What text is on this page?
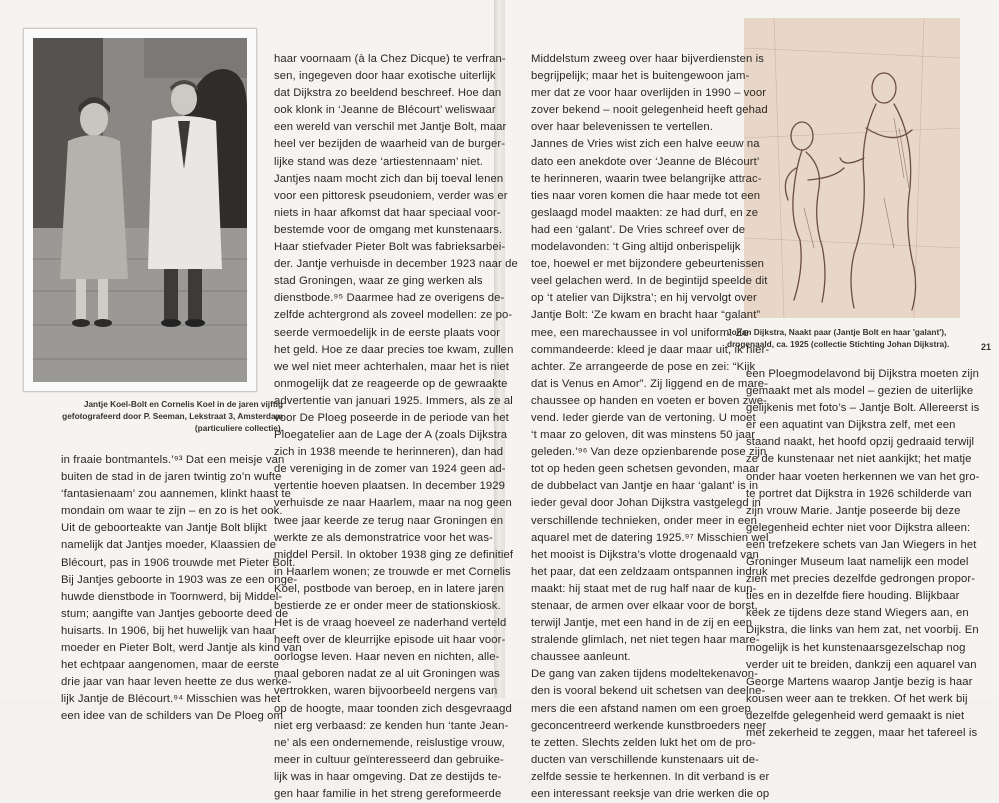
Jantje Koel-Bolt en Cornelis Koel in de jaren vijftig
gefotografeerd door P. Seeman, Lekstraat 3, Amsterdam
(particuliere collectie).
Johan Dijkstra, Naakt paar (Jantje Bolt en haar 'galant'),
drogenaald, ca. 1925 (collectie Stichting Johan Dijkstra).	21
in fraaie bontmantels.’⁹³ Dat een meisje van
buiten de stad in de jaren twintig zo’n wufte
‘fantasienaam’ zou aannemen, klinkt haast te
mondain om waar te zijn – en zo is het ook.
Uit de geboorteakte van Jantje Bolt blijkt
namelijk dat Jantjes moeder, Klaassien de
Blécourt, pas in 1906 trouwde met Pieter Bolt.
Bij Jantjes geboorte in 1903 was ze een onge-
huwde dienstbode in Toornwerd, bij Middel-
stum; aangifte van Jantjes geboorte deed de
huisarts. In 1906, bij het huwelijk van haar
moeder en Pieter Bolt, werd Jantje als kind van
het echtpaar aangenomen, maar de eerste
drie jaar van haar leven heette ze dus werke-
lijk Jantje de Blécourt.⁹⁴ Misschien was het
een idee van de schilders van De Ploeg om
haar voornaam (à la Chez Dicque) te verfran-
sen, ingegeven door haar exotische uiterlijk
dat Dijkstra zo beeldend beschreef. Hoe dan
ook klonk in ‘Jeanne de Blécourt’ weliswaar
een wereld van verschil met Jantje Bolt, maar
heel ver bezijden de waarheid van de burger-
lijke stand was deze ‘artiestennaam’ niet.
Jantjes naam mocht zich dan bij toeval lenen
voor een pittoresk pseudoniem, verder was er
niets in haar afkomst dat haar speciaal voor-
bestemde voor de omgang met kunstenaars.
Haar stiefvader Pieter Bolt was fabrieksarbei-
der. Jantje verhuisde in december 1923 naar de
stad Groningen, waar ze ging werken als
dienstbode.⁹⁵ Daarmee had ze overigens de-
zelfde achtergrond als zoveel modellen: ze po-
seerde vermoedelijk in de eerste plaats voor
het geld. Hoe ze daar precies toe kwam, zullen
we wel niet meer achterhalen, maar het is niet
onmogelijk dat ze reageerde op de gewraakte
advertentie van januari 1925. Immers, als ze al
voor De Ploeg poseerde in de periode van het
Ploegatelier aan de Lage der A (zoals Dijkstra
zich in 1938 meende te herinneren), dan had
de vereniging in de zomer van 1924 geen ad-
vertentie hoeven plaatsen. In december 1929
verhuisde ze naar Haarlem, maar na nog geen
twee jaar keerde ze terug naar Groningen en
werkte ze als demonstratrice voor het was-
middel Persil. In oktober 1938 ging ze definitief
in Haarlem wonen; ze trouwde er met Cornelis
Koel, postbode van beroep, en in latere jaren
bestierde ze er onder meer de stationskiosk.
Het is de vraag hoeveel ze naderhand verteld
heeft over de kleurrijke episode uit haar voor-
oorlogse leven. Haar neven en nichten, alle-
maal geboren nadat ze al uit Groningen was
vertrokken, waren bijvoorbeeld nergens van
op de hoogte, maar toonden zich desgevraagd
niet erg verbaasd: ze kenden hun ‘tante Jean-
ne’ als een ondernemende, reislustige vrouw,
meer in cultuur geïnteresseerd dan gebruike-
lijk was in haar omgeving. Dat ze destijds te-
gen haar familie in het streng gereformeerde
Middelstum zweeg over haar bijverdiensten is
begrijpelijk; maar het is buitengewoon jam-
mer dat ze voor haar overlijden in 1990 – voor
zover bekend – nooit gelegenheid heeft gehad
over haar belevenissen te vertellen.
Jannes de Vries wist zich een halve eeuw na
dato een anekdote over ‘Jeanne de Blécourt’
te herinneren, waarin twee belangrijke attrac-
ties naar voren komen die haar mede tot een
geslaagd model maakten: ze had durf, en ze
had een ‘galant’. De Vries schreef over de
modelavonden: ‘t Ging altijd onberispelijk
toe, hoewel er met bijzondere gebeurtenissen
veel gelachen werd. In de begintijd speelde dit
op ‘t atelier van Dijkstra’; en hij vervolgt over
Jantje Bolt: ‘Ze kwam en bracht haar “galant”
mee, een marechaussee in vol uniform. Ze
commandeerde: kleed je daar maar uit, ik hier-
achter. Ze arrangeerde de pose en zei: “Kijk
dat is Venus en Amor”. Zij liggend en de mare-
chaussee op handen en voeten er boven zwe-
vend. Ieder gierde van de vertoning. U moet
‘t maar zo geloven, dit was minstens 50 jaar
geleden.’⁹⁶ Van deze opzienbarende pose zijn
tot op heden geen schetsen gevonden, maar
de dubbelact van Jantje en haar ‘galant’ is in
ieder geval door Johan Dijkstra vastgelegd in
verschillende technieken, onder meer in een
aquarel met de datering 1925.⁹⁷ Misschien wel
het mooist is Dijkstra’s vlotte drogenaald van
het paar, dat een zeldzaam ontspannen indruk
maakt: hij staat met de rug half naar de kun-
stenaar, de armen over elkaar voor de borst,
terwijl Jantje, met een hand in de zij en een
stralende glimlach, net niet tegen haar mare-
chaussee aanleunt.
De gang van zaken tijdens modeltekenavon-
den is vooral bekend uit schetsen van deelne-
mers die een afstand namen om een groep
geconcentreerd werkende kunstbroeders neer
te zetten. Slechts zelden lukt het om de pro-
ducten van verschillende kunstenaars uit de-
zelfde sessie te herkennen. In dit verband is er
een interessant reeksje van drie werken die op
een Ploegmodelavond bij Dijkstra moeten zijn
gemaakt met als model – gezien de uiterlijke
gelijkenis met foto’s – Jantje Bolt. Allereerst is
er een aquatint van Dijkstra zelf, met een
staand naakt, het hoofd opzij gedraaid terwijl
ze de kunstenaar net niet aankijkt; het matje
onder haar voeten herkennen we van het gro-
te portret dat Dijkstra in 1926 schilderde van
zijn vrouw Marie. Jantje poseerde bij deze
gelegenheid echter niet voor Dijkstra alleen:
een trefzekere schets van Jan Wiegers in het
Groninger Museum laat namelijk een model
zien met precies dezelfde gedrongen propor-
ties en in dezelfde fiere houding. Blijkbaar
keek ze tijdens deze stand Wiegers aan, en
Dijkstra, die links van hem zat, net voorbij. En
mogelijk is het kunstenaarsgezelschap nog
verder uit te breiden, dankzij een aquarel van
George Martens waarop Jantje bezig is haar
kousen weer aan te trekken. Of het werk bij
dezelfde gelegenheid werd gemaakt is niet
met zekerheid te zeggen, maar het tafereel is
